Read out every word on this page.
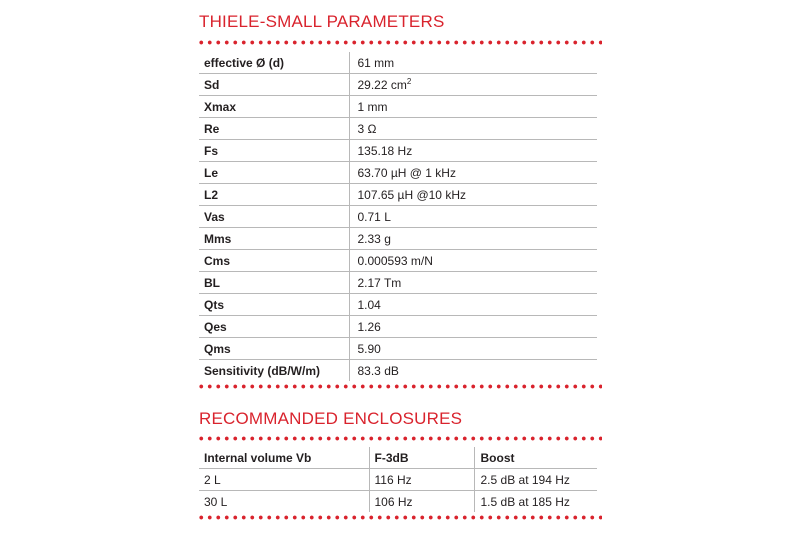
THIELE-SMALL PARAMETERS
effective Ø (d)	61 mm
Sd	29.22 $cm^2$
Xmax	1 mm
Re	3 Ω
Fs	135.18 Hz
Le	63.70 µH @ 1 kHz
L2	107.65 µH @10 kHz
Vas	0.71 L
Mms	2.33 g
Cms	0.000593 m/N
BL	2.17 Tm
Qts	1.04
Qes	1.26
Qms	5.90
Sensitivity (dB/W/m)	83.3 dB
RECOMMANDED ENCLOSURES
Internal volume Vb	F-3dB	Boost
2 L	116 Hz	2.5 dB at 194 Hz
30 L	106 Hz	1.5 dB at 185 Hz
